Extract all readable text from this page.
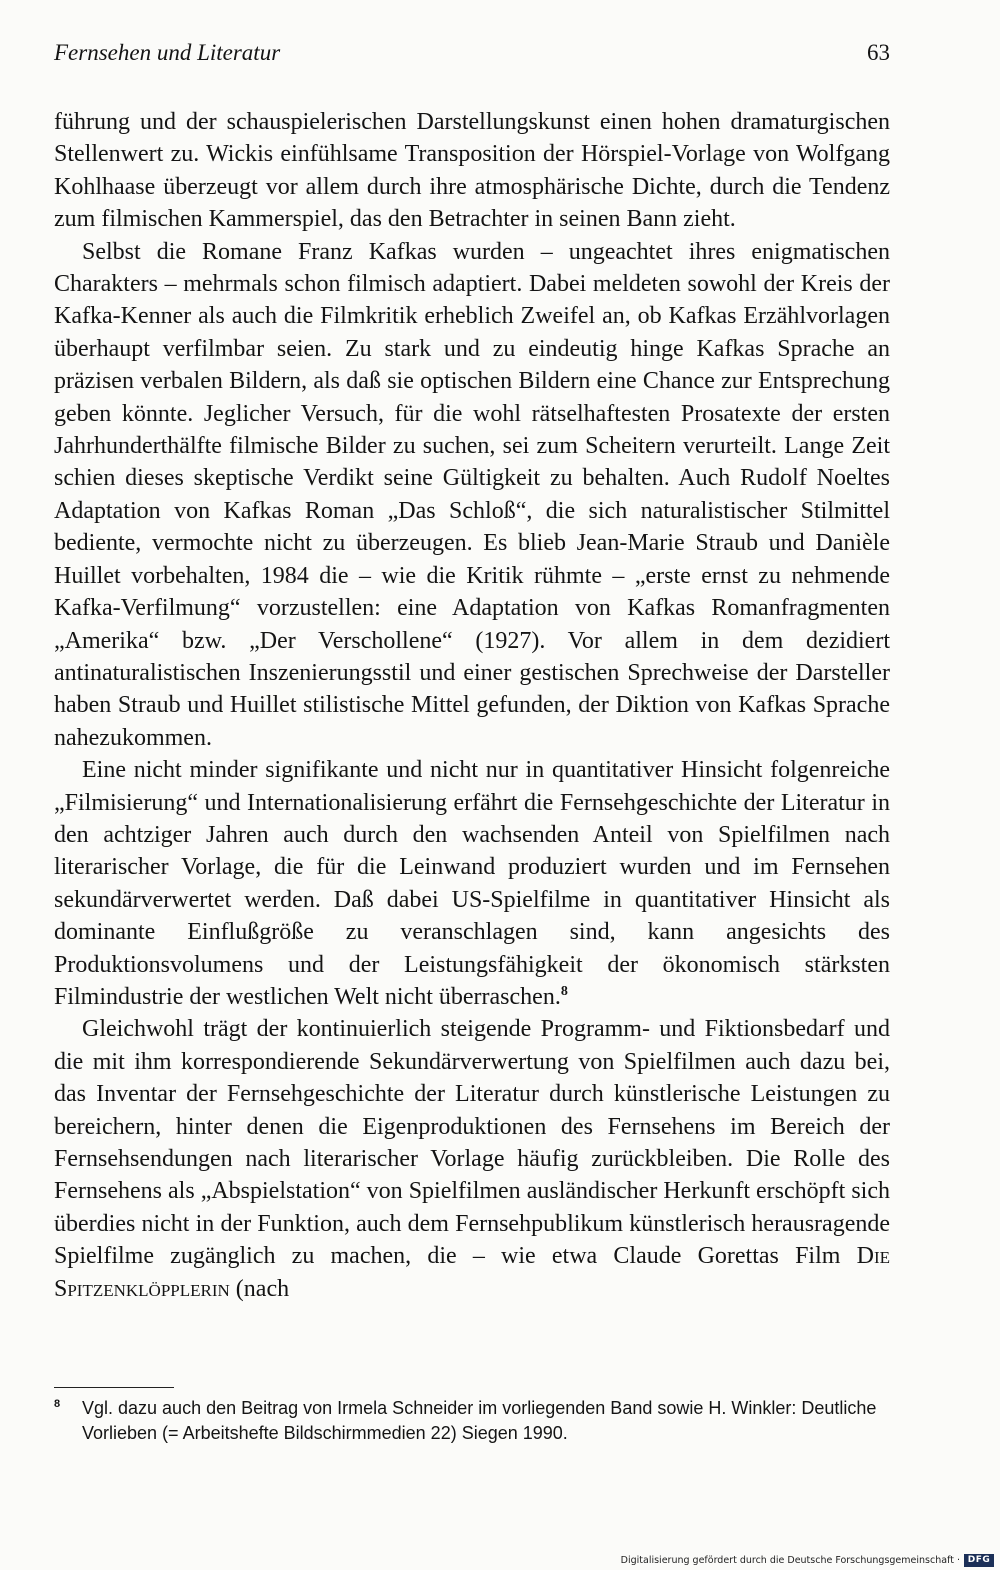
Fernsehen und Literatur	63

führung und der schauspielerischen Darstellungskunst einen hohen dramaturgischen Stellenwert zu. Wickis einfühlsame Transposition der Hörspiel-Vorlage von Wolfgang Kohlhaase überzeugt vor allem durch ihre atmosphärische Dichte, durch die Tendenz zum filmischen Kammerspiel, das den Betrachter in seinen Bann zieht.

Selbst die Romane Franz Kafkas wurden – ungeachtet ihres enigmatischen Charakters – mehrmals schon filmisch adaptiert. Dabei meldeten sowohl der Kreis der Kafka-Kenner als auch die Filmkritik erheblich Zweifel an, ob Kafkas Erzählvorlagen überhaupt verfilmbar seien. Zu stark und zu eindeutig hinge Kafkas Sprache an präzisen verbalen Bildern, als daß sie optischen Bildern eine Chance zur Entsprechung geben könnte. Jeglicher Versuch, für die wohl rätselhaftesten Prosatexte der ersten Jahrhunderthälfte filmische Bilder zu suchen, sei zum Scheitern verurteilt. Lange Zeit schien dieses skeptische Verdikt seine Gültigkeit zu behalten. Auch Rudolf Noeltes Adaptation von Kafkas Roman „Das Schloß“, die sich naturalistischer Stilmittel bediente, vermochte nicht zu überzeugen. Es blieb Jean-Marie Straub und Danièle Huillet vorbehalten, 1984 die – wie die Kritik rühmte – „erste ernst zu nehmende Kafka-Verfilmung“ vorzustellen: eine Adaptation von Kafkas Romanfragmenten „Amerika“ bzw. „Der Verschollene“ (1927). Vor allem in dem dezidiert antinaturalistischen Inszenierungsstil und einer gestischen Sprechweise der Darsteller haben Straub und Huillet stilistische Mittel gefunden, der Diktion von Kafkas Sprache nahezukommen.

Eine nicht minder signifikante und nicht nur in quantitativer Hinsicht folgenreiche „Filmisierung“ und Internationalisierung erfährt die Fernsehgeschichte der Literatur in den achtziger Jahren auch durch den wachsenden Anteil von Spielfilmen nach literarischer Vorlage, die für die Leinwand produziert wurden und im Fernsehen sekundärverwertet werden. Daß dabei US-Spielfilme in quantitativer Hinsicht als dominante Einflußgröße zu veranschlagen sind, kann angesichts des Produktionsvolumens und der Leistungsfähigkeit der ökonomisch stärksten Filmindustrie der westlichen Welt nicht überraschen.$^8$

Gleichwohl trägt der kontinuierlich steigende Programm- und Fiktionsbedarf und die mit ihm korrespondierende Sekundärverwertung von Spielfilmen auch dazu bei, das Inventar der Fernsehgeschichte der Literatur durch künstlerische Leistungen zu bereichern, hinter denen die Eigenproduktionen des Fernsehens im Bereich der Fernsehsendungen nach literarischer Vorlage häufig zurückbleiben. Die Rolle des Fernsehens als „Abspielstation“ von Spielfilmen ausländischer Herkunft erschöpft sich überdies nicht in der Funktion, auch dem Fernsehpublikum künstlerisch herausragende Spielfilme zugänglich zu machen, die – wie etwa Claude Gorettas Film Die Spitzenklöpplerin (nach

8 Vgl. dazu auch den Beitrag von Irmela Schneider im vorliegenden Band sowie H. Winkler: Deutliche Vorlieben (= Arbeitshefte Bildschirmmedien 22) Siegen 1990.
Digitalisierung gefördert durch die Deutsche Forschungsgemeinschaft · DFG
